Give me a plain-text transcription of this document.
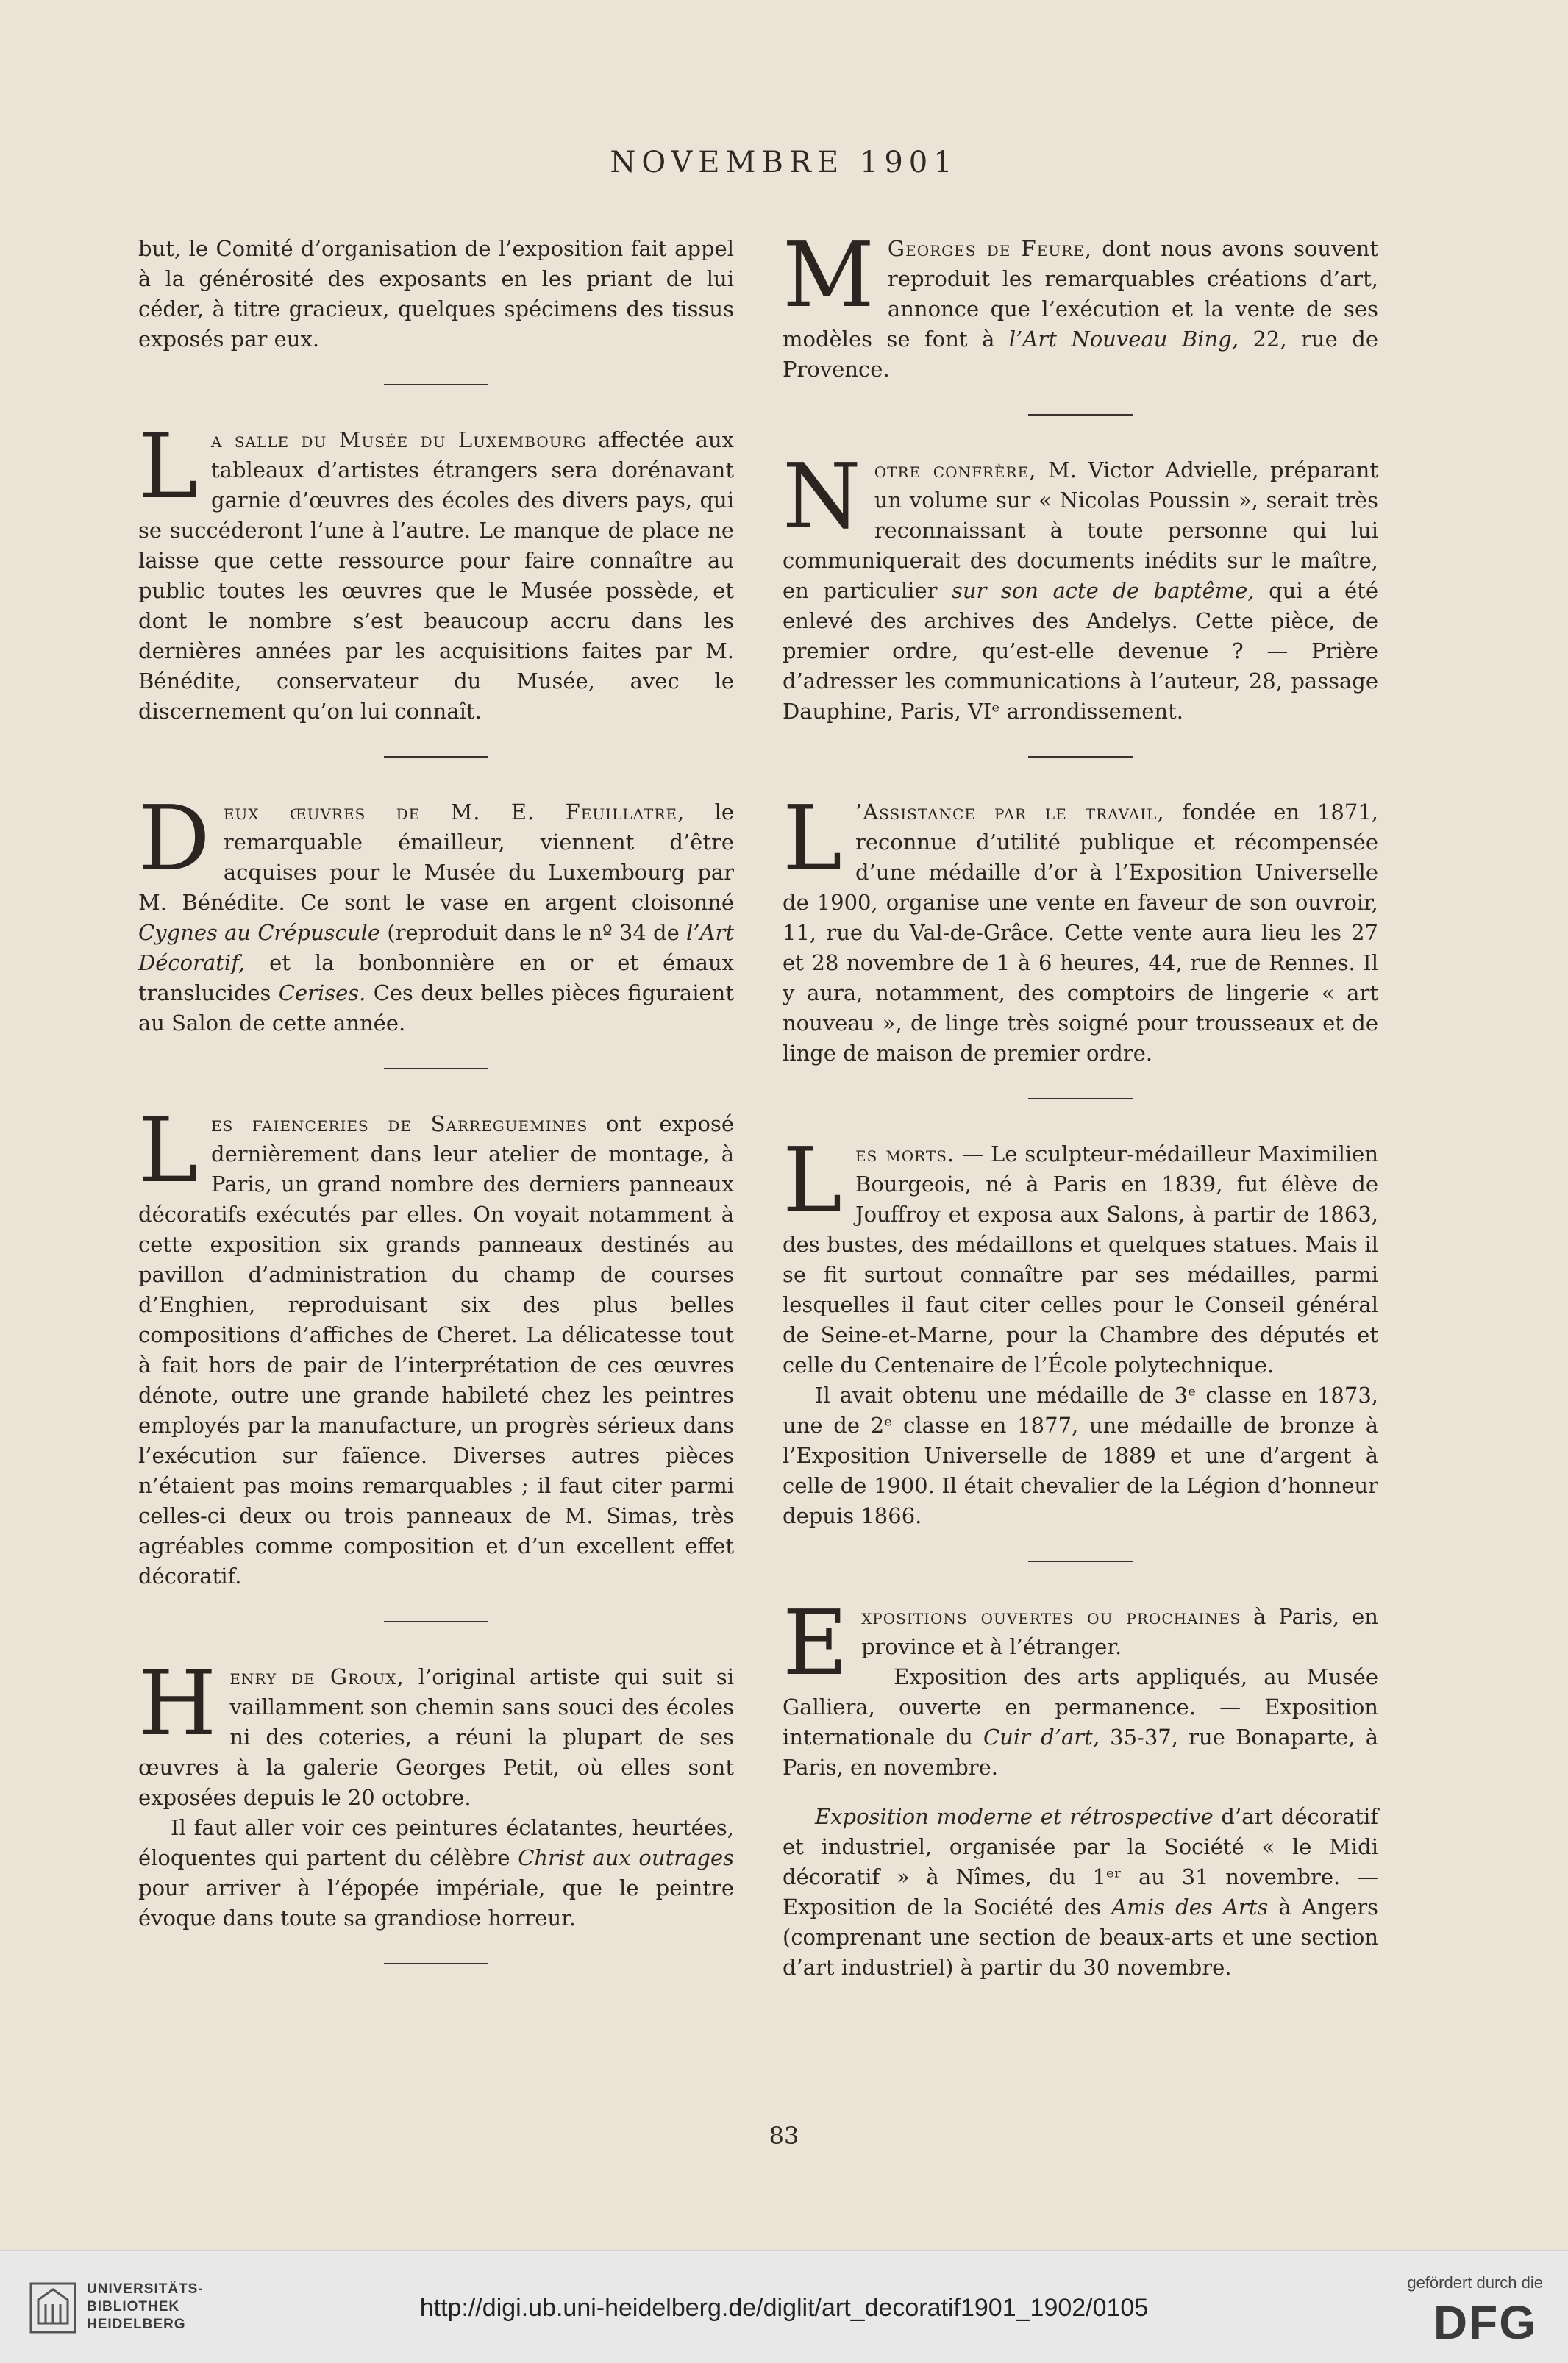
NOVEMBRE 1901

but, le Comité d’organisation de l’exposition fait appel à la générosité des exposants en les priant de lui céder, à titre gracieux, quelques spécimens des tissus exposés par eux.

La salle du Musée du Luxembourg affectée aux tableaux d’artistes étrangers sera dorénavant garnie d’œuvres des écoles des divers pays, qui se succéderont l’une à l’autre. Le manque de place ne laisse que cette ressource pour faire connaître au public toutes les œuvres que le Musée possède, et dont le nombre s’est beaucoup accru dans les dernières années par les acquisitions faites par M. Bénédite, conservateur du Musée, avec le discernement qu’on lui connaît.

Deux œuvres de M. E. Feuillatre, le remarquable émailleur, viennent d’être acquises pour le Musée du Luxembourg par M. Bénédite. Ce sont le vase en argent cloisonné Cygnes au Crépuscule (reproduit dans le nº 34 de l’Art Décoratif, et la bonbonnière en or et émaux translucides Cerises. Ces deux belles pièces figuraient au Salon de cette année.

Les faienceries de Sarreguemines ont exposé dernièrement dans leur atelier de montage, à Paris, un grand nombre des derniers panneaux décoratifs exécutés par elles. On voyait notamment à cette exposition six grands panneaux destinés au pavillon d’administration du champ de courses d’Enghien, reproduisant six des plus belles compositions d’affiches de Cheret. La délicatesse tout à fait hors de pair de l’interprétation de ces œuvres dénote, outre une grande habileté chez les peintres employés par la manufacture, un progrès sérieux dans l’exécution sur faïence. Diverses autres pièces n’étaient pas moins remarquables ; il faut citer parmi celles-ci deux ou trois panneaux de M. Simas, très agréables comme composition et d’un excellent effet décoratif.

Henry de Groux, l’original artiste qui suit si vaillamment son chemin sans souci des écoles ni des coteries, a réuni la plupart de ses œuvres à la galerie Georges Petit, où elles sont exposées depuis le 20 octobre.

Il faut aller voir ces peintures éclatantes, heurtées, éloquentes qui partent du célèbre Christ aux outrages pour arriver à l’épopée impériale, que le peintre évoque dans toute sa grandiose horreur.

M Georges de Feure, dont nous avons souvent reproduit les remarquables créations d’art, annonce que l’exécution et la vente de ses modèles se font à l’Art Nouveau Bing, 22, rue de Provence.

Notre confrère, M. Victor Advielle, préparant un volume sur « Nicolas Poussin », serait très reconnaissant à toute personne qui lui communiquerait des documents inédits sur le maître, en particulier sur son acte de baptême, qui a été enlevé des archives des Andelys. Cette pièce, de premier ordre, qu’est-elle devenue ? — Prière d’adresser les communications à l’auteur, 28, passage Dauphine, Paris, VIᵉ arrondissement.

L ’Assistance par le travail, fondée en 1871, reconnue d’utilité publique et récompensée d’une médaille d’or à l’Exposition Universelle de 1900, organise une vente en faveur de son ouvroir, 11, rue du Val-de-Grâce. Cette vente aura lieu les 27 et 28 novembre de 1 à 6 heures, 44, rue de Rennes. Il y aura, notamment, des comptoirs de lingerie « art nouveau », de linge très soigné pour trousseaux et de linge de maison de premier ordre.

Les morts. — Le sculpteur-médailleur Maximilien Bourgeois, né à Paris en 1839, fut élève de Jouffroy et exposa aux Salons, à partir de 1863, des bustes, des médaillons et quelques statues. Mais il se fit surtout connaître par ses médailles, parmi lesquelles il faut citer celles pour le Conseil général de Seine-et-Marne, pour la Chambre des députés et celle du Centenaire de l’École polytechnique.

Il avait obtenu une médaille de 3ᵉ classe en 1873, une de 2ᵉ classe en 1877, une médaille de bronze à l’Exposition Universelle de 1889 et une d’argent à celle de 1900. Il était chevalier de la Légion d’honneur depuis 1866.

Expositions ouvertes ou prochaines à Paris, en province et à l’étranger.

Exposition des arts appliqués, au Musée Galliera, ouverte en permanence. — Exposition internationale du Cuir d’art, 35-37, rue Bonaparte, à Paris, en novembre.

Exposition moderne et rétrospective d’art décoratif et industriel, organisée par la Société « le Midi décoratif » à Nîmes, du 1ᵉʳ au 31 novembre. — Exposition de la Société des Amis des Arts à Angers (comprenant une section de beaux-arts et une section d’art industriel) à partir du 30 novembre.

83
UNIVERSITÄTS-
BIBLIOTHEK
HEIDELBERG
http://digi.ub.uni-heidelberg.de/diglit/art_decoratif1901_1902/0105
gefördert durch die
DFG
